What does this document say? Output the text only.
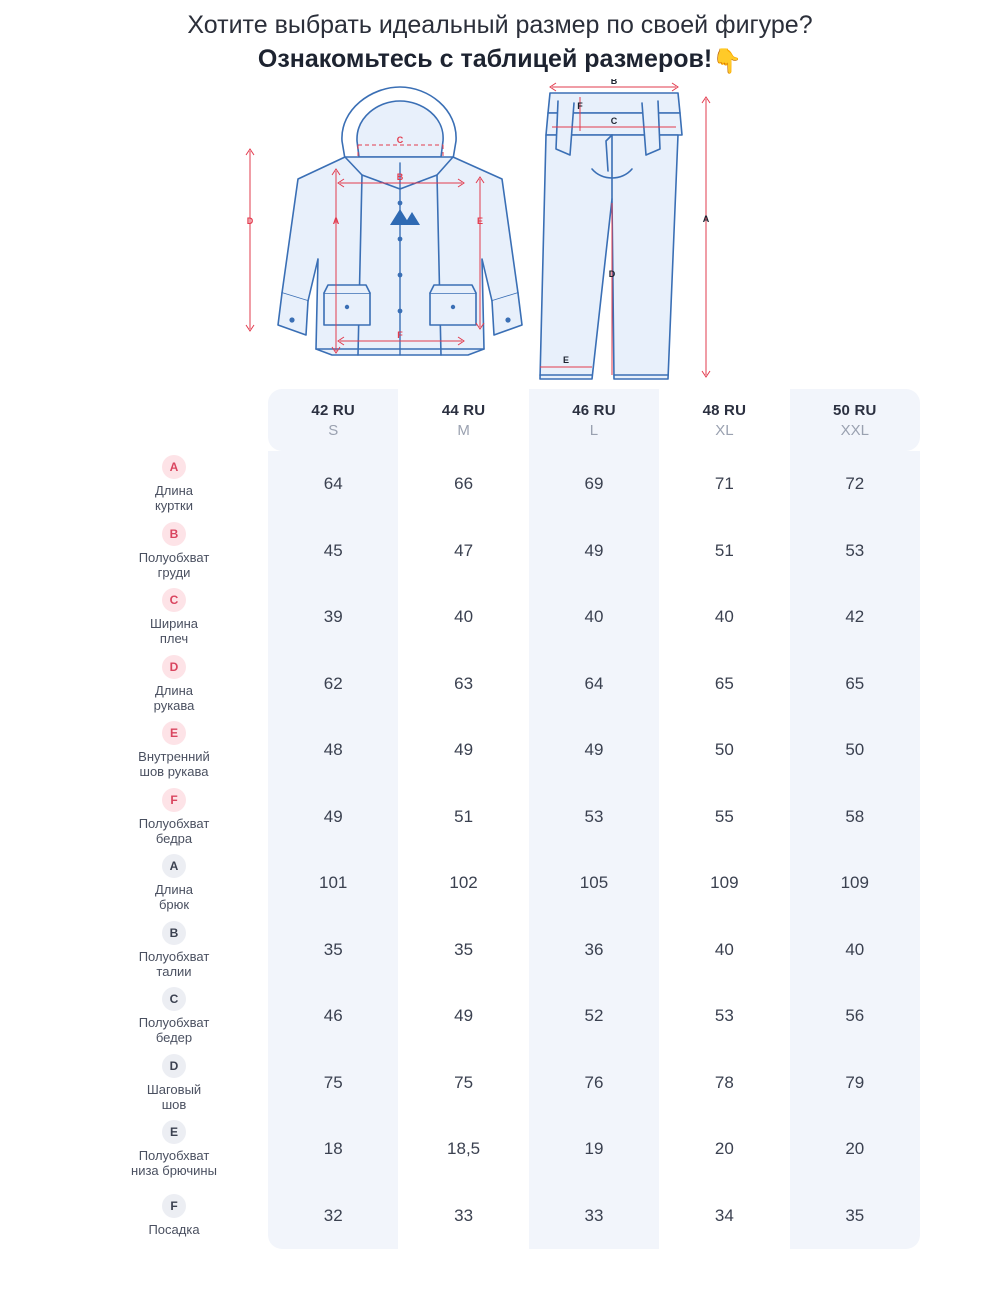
Хотите выбрать идеальный размер по своей фигуре?
Ознакомьтесь с таблицей размеров!👇
C
B
A
D	E
F
B
F
C
A
D
E

42 RU
S

44 RU
M

46 RU
L

48 RU
XL

50 RU
XXL

A
Длина
куртки	64	66	69	71	72

B
Полуобхват
груди	45	47	49	51	53

C
Ширина
плеч	39	40	40	40	42

D
Длина
рукава	62	63	64	65	65

E
Внутренний
шов рукава	48	49	49	50	50

F
Полуобхват
бедра	49	51	53	55	58

A
Длина
брюк	101	102	105	109	109

B
Полуобхват
талии	35	35	36	40	40

C
Полуобхват
бедер	46	49	52	53	56

D
Шаговый
шов	75	75	76	78	79

E
Полуобхват
низа брючины	18	18,5	19	20	20

F
Посадка	32	33	33	34	35
